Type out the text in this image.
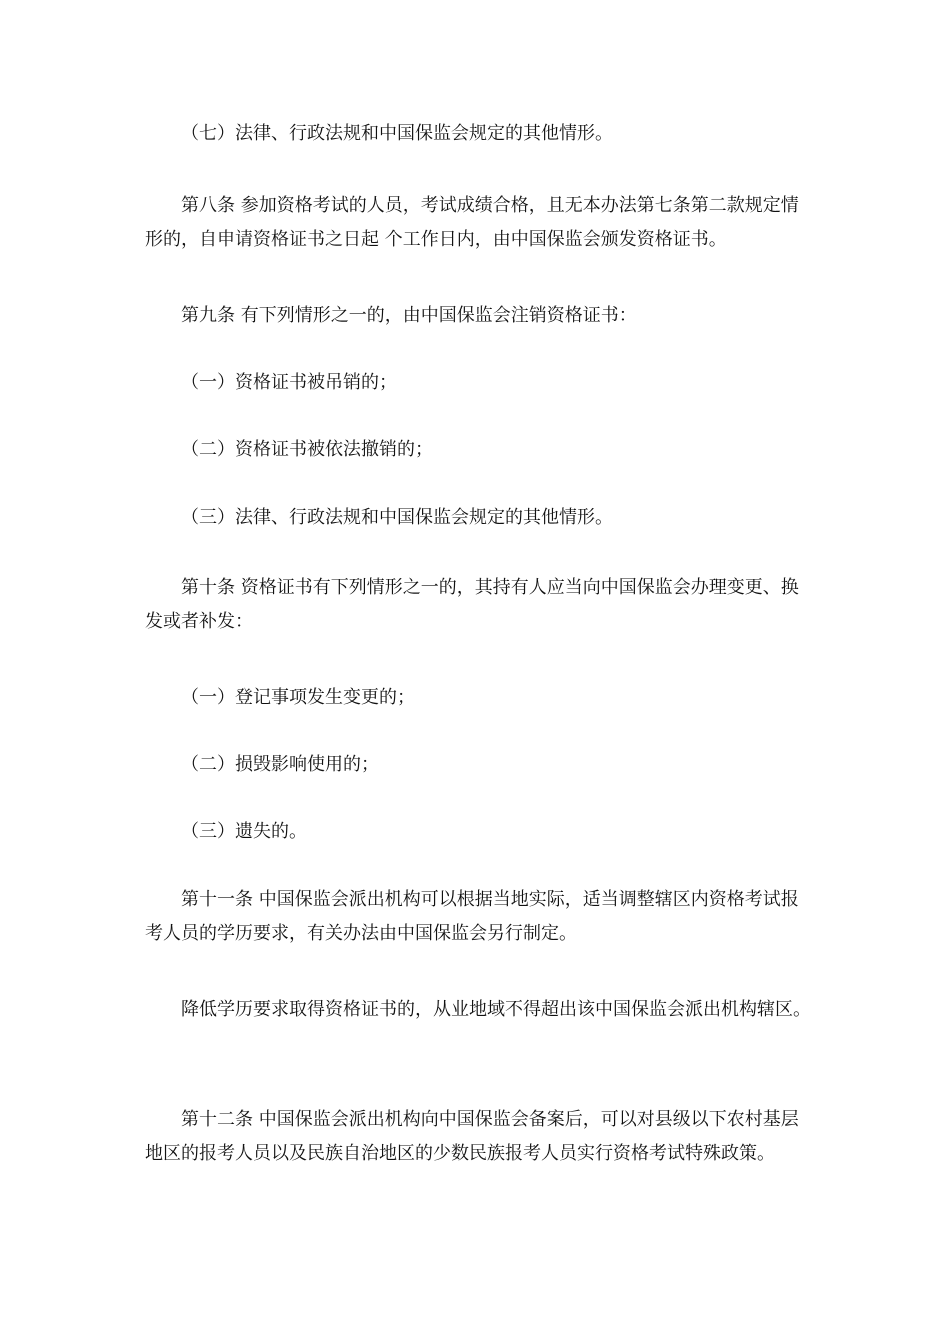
（七）法律、行政法规和中国保监会规定的其他情形。

第八条 参加资格考试的人员，考试成绩合格，且无本办法第七条第二款规定情形的，自申请资格证书之日起 个工作日内，由中国保监会颁发资格证书。

第九条 有下列情形之一的，由中国保监会注销资格证书：

（一）资格证书被吊销的；

（二）资格证书被依法撤销的；

（三）法律、行政法规和中国保监会规定的其他情形。

第十条 资格证书有下列情形之一的，其持有人应当向中国保监会办理变更、换发或者补发：

（一）登记事项发生变更的；

（二）损毁影响使用的；

（三）遗失的。

第十一条 中国保监会派出机构可以根据当地实际，适当调整辖区内资格考试报考人员的学历要求，有关办法由中国保监会另行制定。

降低学历要求取得资格证书的，从业地域不得超出该中国保监会派出机构辖区。

第十二条 中国保监会派出机构向中国保监会备案后，可以对县级以下农村基层地区的报考人员以及民族自治地区的少数民族报考人员实行资格考试特殊政策。
